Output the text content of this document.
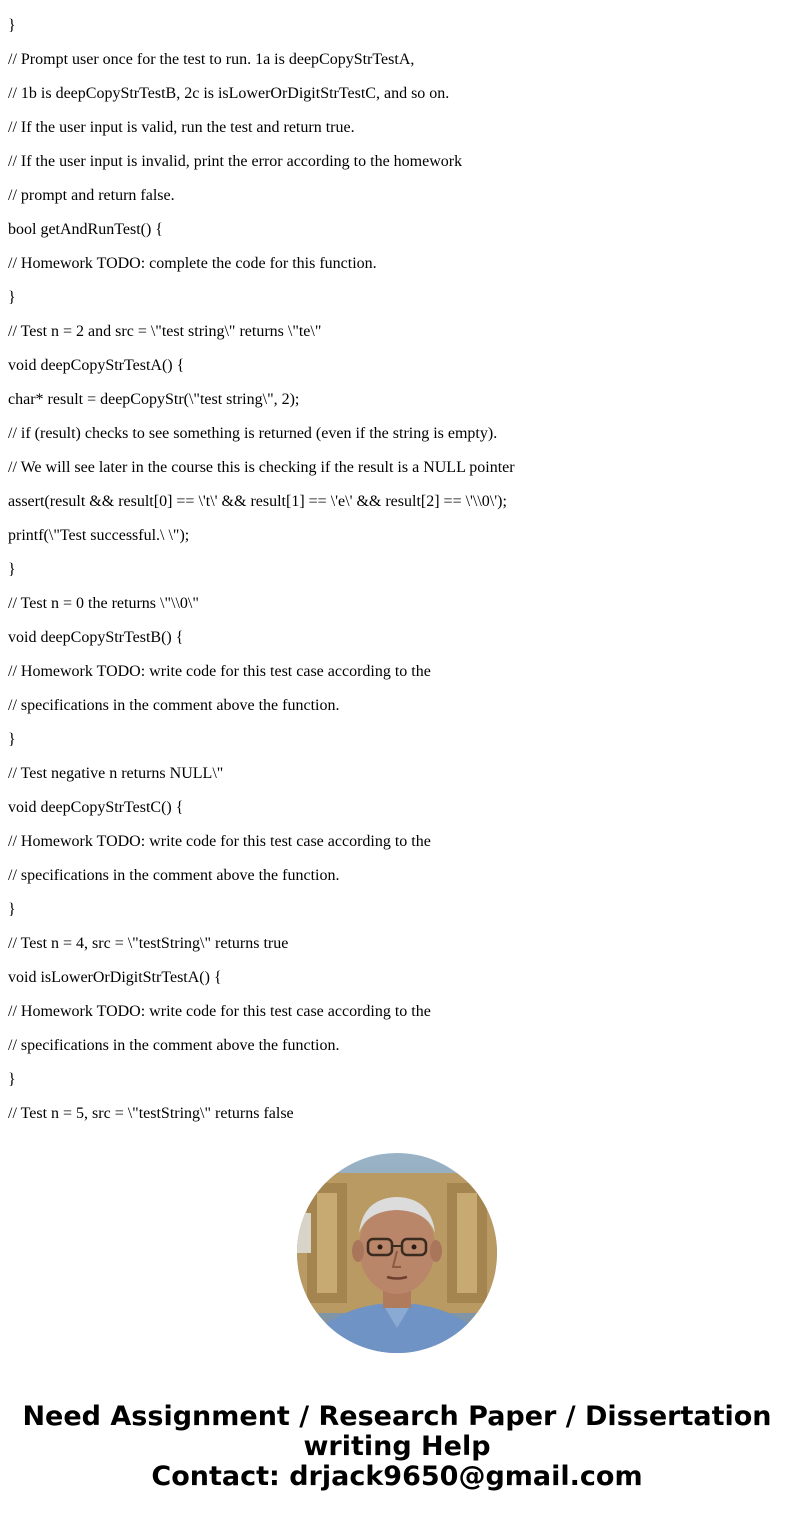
}
// Prompt user once for the test to run. 1a is deepCopyStrTestA,
// 1b is deepCopyStrTestB, 2c is isLowerOrDigitStrTestC, and so on.
// If the user input is valid, run the test and return true.
// If the user input is invalid, print the error according to the homework
// prompt and return false.
bool getAndRunTest() {
// Homework TODO: complete the code for this function.
}
// Test n = 2 and src = \"test string\" returns \"te\"
void deepCopyStrTestA() {
char* result = deepCopyStr(\"test string\", 2);
// if (result) checks to see something is returned (even if the string is empty).
// We will see later in the course this is checking if the result is a NULL pointer
assert(result && result[0] == \'t\' && result[1] == \'e\' && result[2] == \'\\0\');
printf(\"Test successful.\ \");
}
// Test n = 0 the returns \"\\0\"
void deepCopyStrTestB() {
// Homework TODO: write code for this test case according to the
// specifications in the comment above the function.
}
// Test negative n returns NULL\"
void deepCopyStrTestC() {
// Homework TODO: write code for this test case according to the
// specifications in the comment above the function.
}
// Test n = 4, src = \"testString\" returns true
void isLowerOrDigitStrTestA() {
// Homework TODO: write code for this test case according to the
// specifications in the comment above the function.
}
// Test n = 5, src = \"testString\" returns false
Need Assignment / Research Paper / Dissertation
writing Help
Contact: drjack9650@gmail.com
